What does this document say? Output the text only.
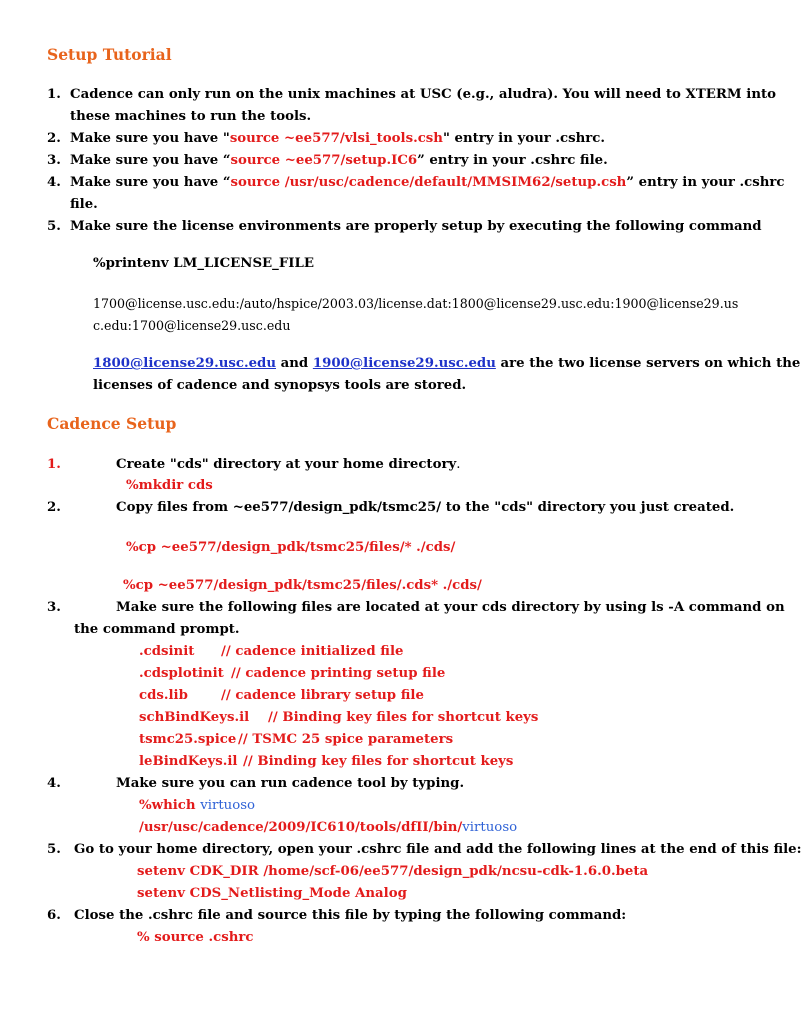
Setup Tutorial
1. Cadence can only run on the unix machines at USC (e.g., aludra). You will need to XTERM into
these machines to run the tools.
2. Make sure you have "source ~ee577/vlsi_tools.csh" entry in your .cshrc.
3. Make sure you have “source ~ee577/setup.IC6” entry in your .cshrc file.
4. Make sure you have “source /usr/usc/cadence/default/MMSIM62/setup.csh” entry in your .cshrc
file.
5. Make sure the license environments are properly setup by executing the following command
%printenv LM_LICENSE_FILE
1700@license.usc.edu:/auto/hspice/2003.03/license.dat:1800@license29.usc.edu:1900@license29.us
c.edu:1700@license29.usc.edu
1800@license29.usc.edu and 1900@license29.usc.edu are the two license servers on which the
licenses of cadence and synopsys tools are stored.
Cadence Setup
1.	Create "cds" directory at your home directory.
%mkdir cds
2.	Copy files from ~ee577/design_pdk/tsmc25/ to the "cds" directory you just created.
%cp ~ee577/design_pdk/tsmc25/files/* ./cds/
%cp ~ee577/design_pdk/tsmc25/files/.cds* ./cds/
3.	Make sure the following files are located at your cds directory by using ls -A command on
the command prompt.
.cdsinit // cadence initialized file
.cdsplotinit // cadence printing setup file
cds.lib // cadence library setup file
schBindKeys.il // Binding key files for shortcut keys
tsmc25.spice // TSMC 25 spice parameters
leBindKeys.il // Binding key files for shortcut keys
4.	Make sure you can run cadence tool by typing.
%which virtuoso
/usr/usc/cadence/2009/IC610/tools/dfII/bin/virtuoso
5. Go to your home directory, open your .cshrc file and add the following lines at the end of this file:
setenv CDK_DIR /home/scf-06/ee577/design_pdk/ncsu-cdk-1.6.0.beta
setenv CDS_Netlisting_Mode Analog
6. Close the .cshrc file and source this file by typing the following command:
% source .cshrc
